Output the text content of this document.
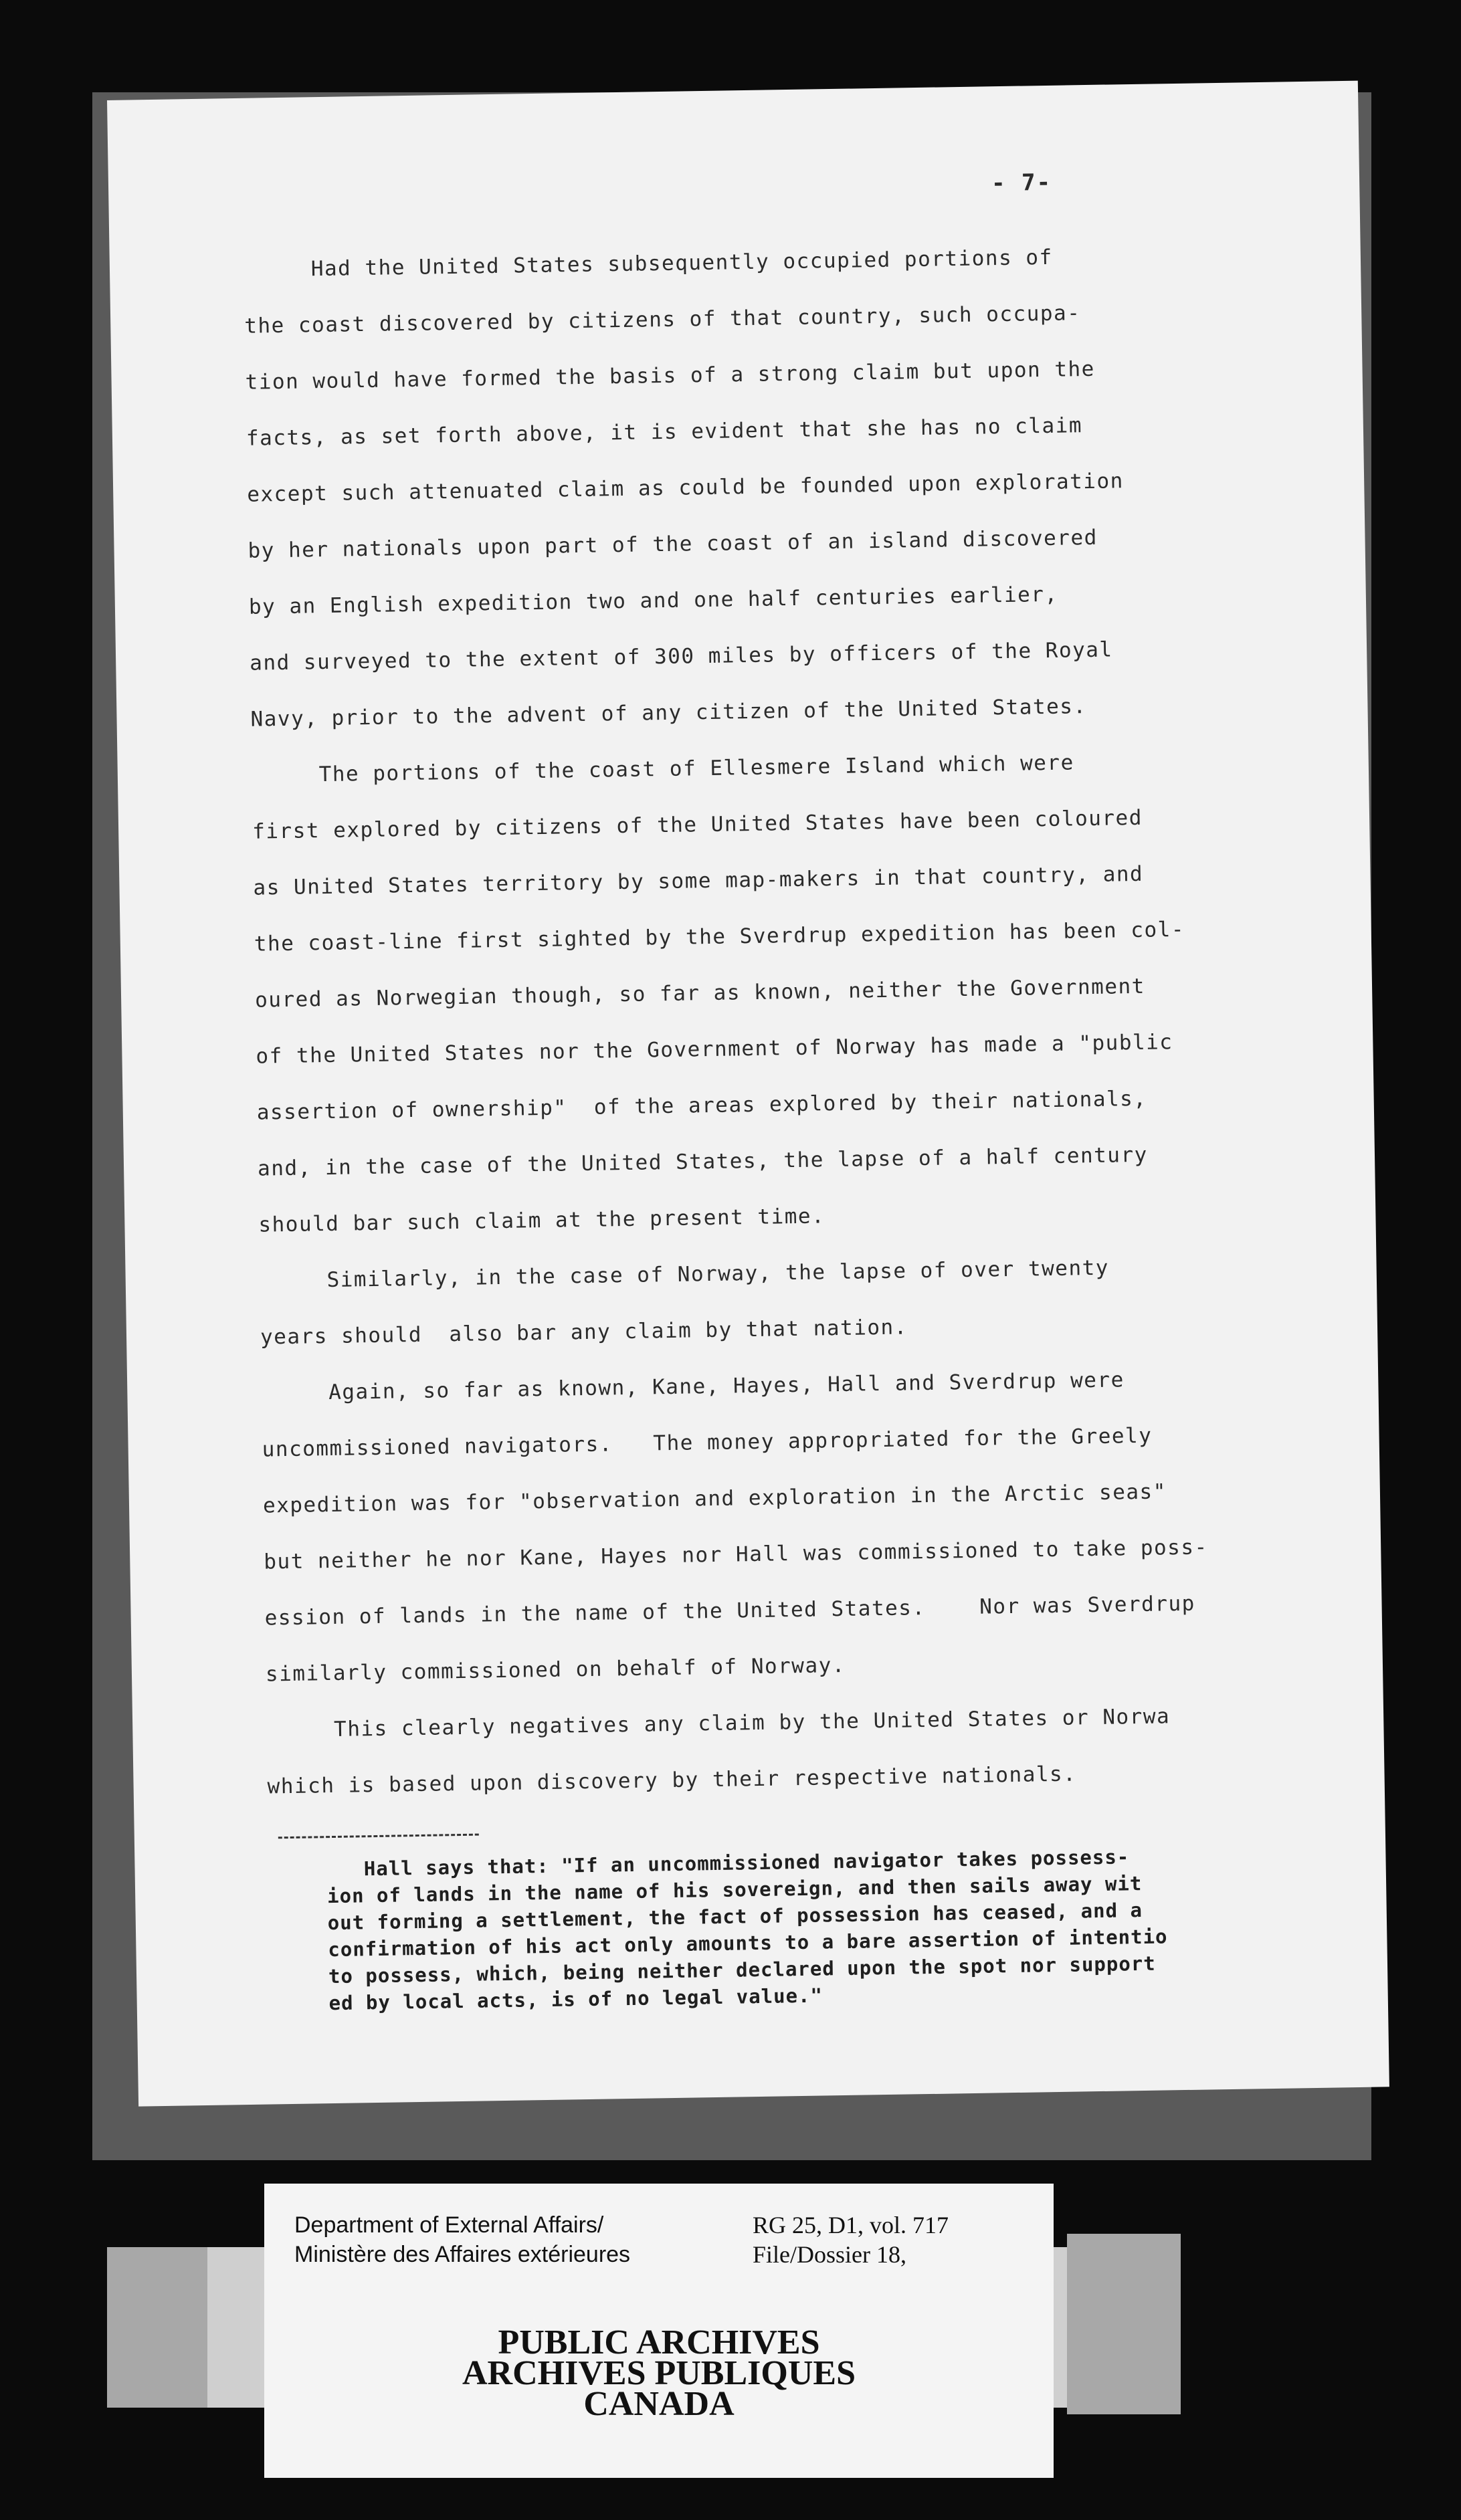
- 7-
Had the United States subsequently occupied portions of
the coast discovered by citizens of that country, such occupa-
tion would have formed the basis of a strong claim but upon the
facts, as set forth above, it is evident that she has no claim
except such attenuated claim as could be founded upon exploration
by her nationals upon part of the coast of an island discovered
by an English expedition two and one half centuries earlier,
and surveyed to the extent of 300 miles by officers of the Royal
Navy, prior to the advent of any citizen of the United States.
The portions of the coast of Ellesmere Island which were
first explored by citizens of the United States have been coloured
as United States territory by some map-makers in that country, and
the coast-line first sighted by the Sverdrup expedition has been col-
oured as Norwegian though, so far as known, neither the Government
of the United States nor the Government of Norway has made a "public
assertion of ownership"  of the areas explored by their nationals,
and, in the case of the United States, the lapse of a half century
should bar such claim at the present time.
Similarly, in the case of Norway, the lapse of over twenty
years should  also bar any claim by that nation.
Again, so far as known, Kane, Hayes, Hall and Sverdrup were
uncommissioned navigators.   The money appropriated for the Greely
expedition was for "observation and exploration in the Arctic seas"
but neither he nor Kane, Hayes nor Hall was commissioned to take poss-
ession of lands in the name of the United States.    Nor was Sverdrup
similarly commissioned on behalf of Norway.
This clearly negatives any claim by the United States or Norwa
which is based upon discovery by their respective nationals.
Hall says that: "If an uncommissioned navigator takes possess-
ion of lands in the name of his sovereign, and then sails away wit
out forming a settlement, the fact of possession has ceased, and a
confirmation of his act only amounts to a bare assertion of intentio
to possess, which, being neither declared upon the spot nor support
ed by local acts, is of no legal value."
Department of External Affairs/
Ministère des Affaires extérieures
RG 25, D1, vol. 717
File/Dossier 18,
PUBLIC ARCHIVES
ARCHIVES PUBLIQUES
CANADA
